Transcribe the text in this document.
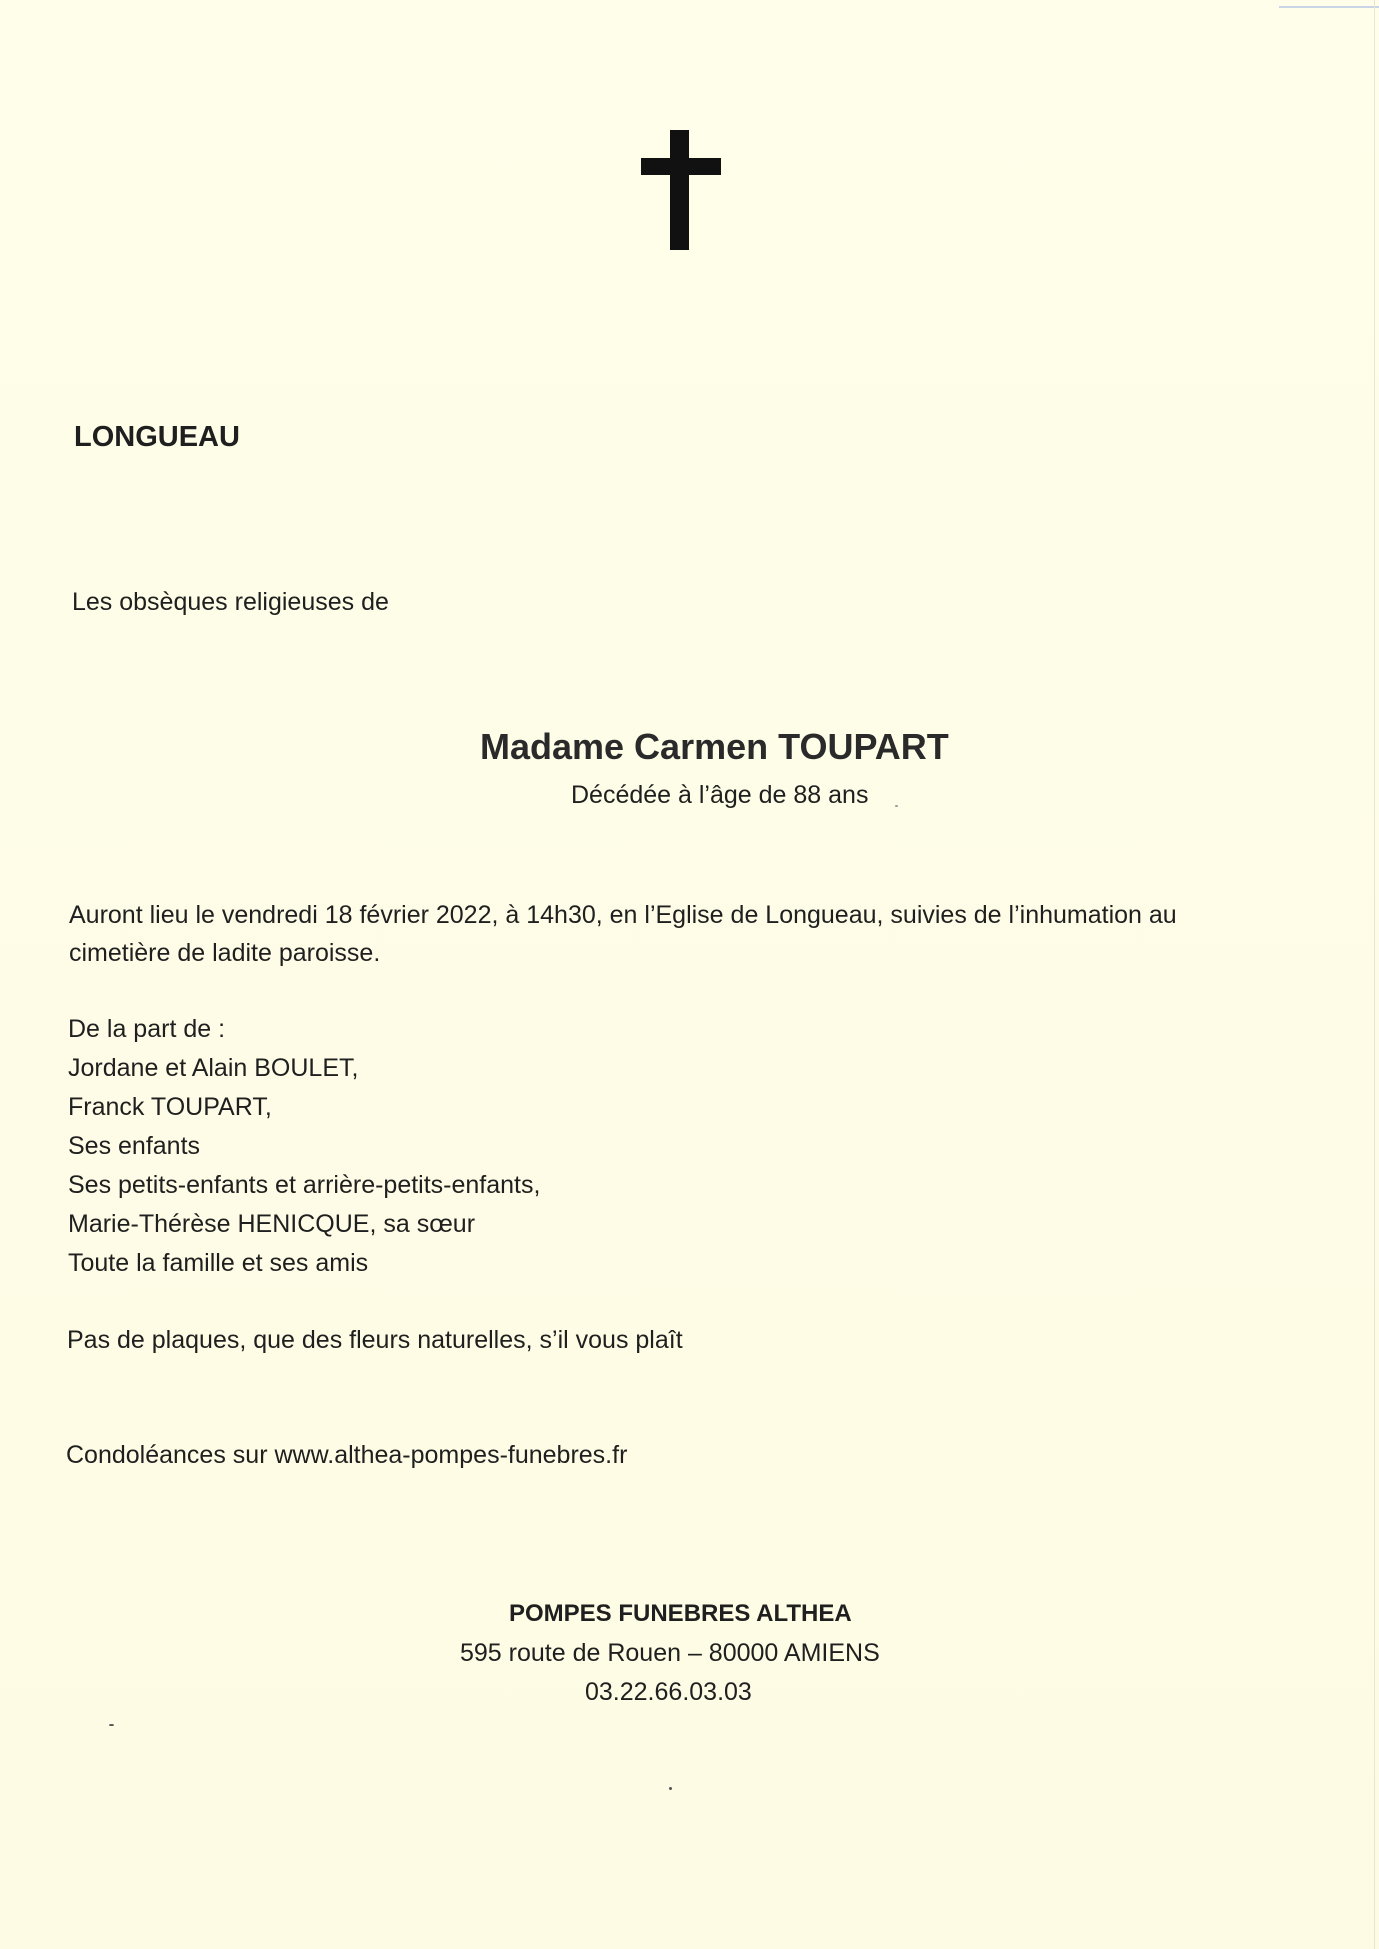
LONGUEAU
Les obsèques religieuses de
Madame Carmen TOUPART
Décédée à l’âge de 88 ans
Auront lieu le vendredi 18 février 2022, à 14h30, en l’Eglise de Longueau, suivies de l’inhumation au cimetière de ladite paroisse.
De la part de :
Jordane et Alain BOULET,
Franck TOUPART,
Ses enfants
Ses petits-enfants et arrière-petits-enfants,
Marie-Thérèse HENICQUE, sa sœur
Toute la famille et ses amis
Pas de plaques, que des fleurs naturelles, s’il vous plaît
Condoléances sur www.althea-pompes-funebres.fr
POMPES FUNEBRES ALTHEA
595 route de Rouen – 80000 AMIENS
03.22.66.03.03
